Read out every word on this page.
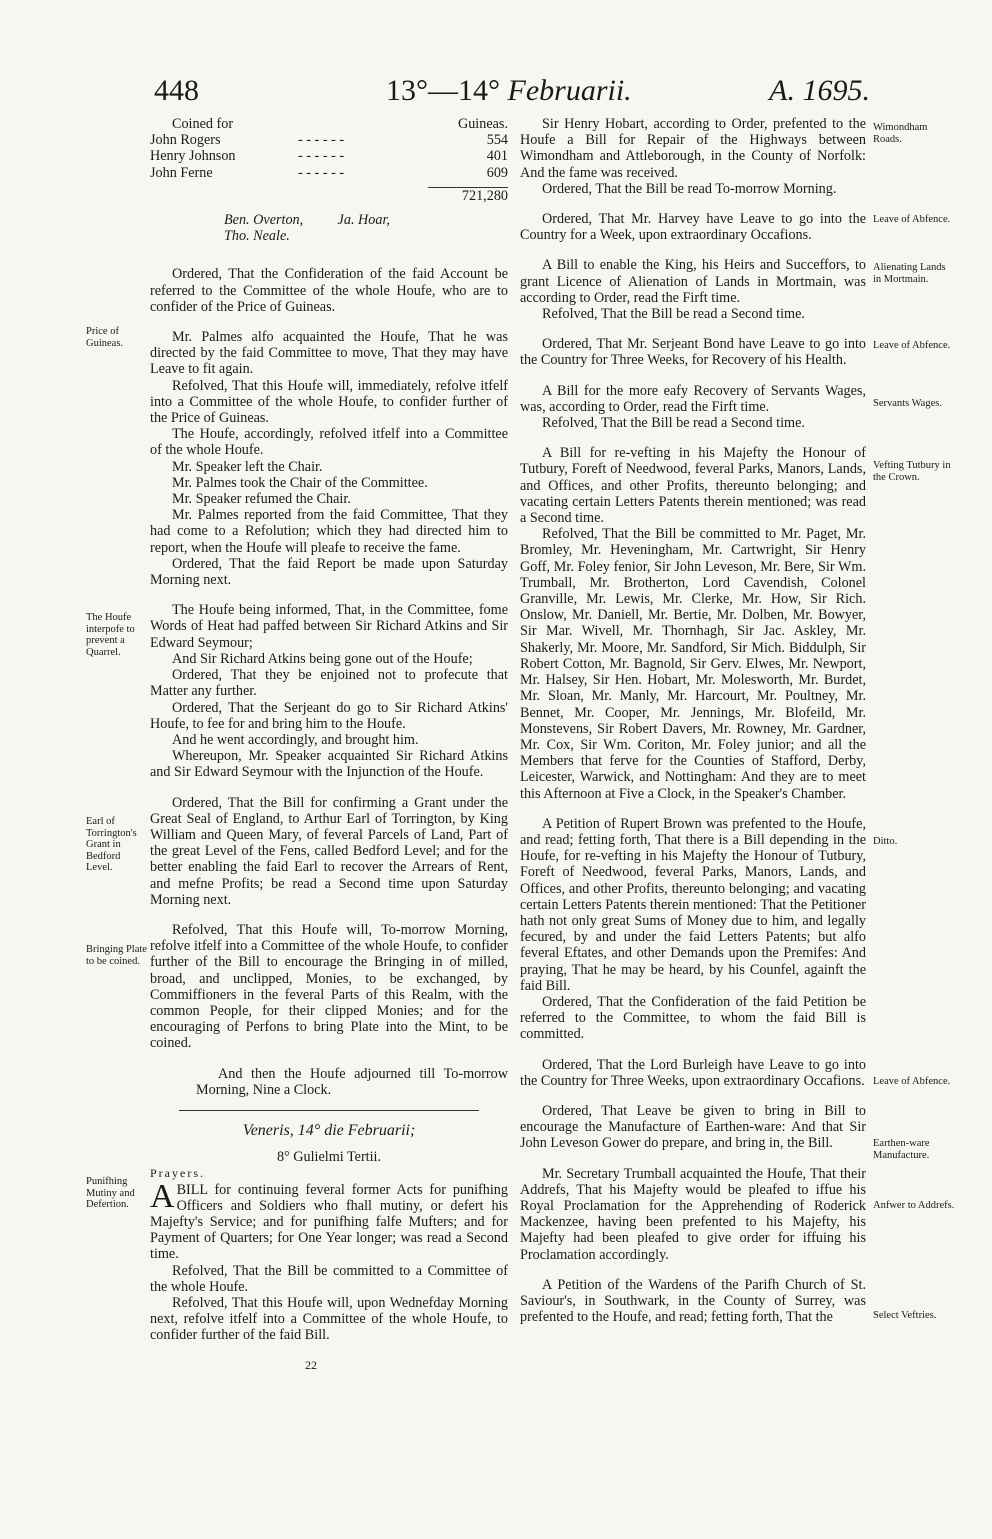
448	13°—14° Februarii.	A. 1695.
Coined for		Guineas.
John Rogers	- - - - - -	554
Henry Johnson	- - - - - -	401
John Ferne	- - - - - -	609
721,280
Ben. Overton, Ja. Hoar,
Tho. Neale.

Ordered, That the Confideration of the faid Account be referred to the Committee of the whole Houfe, who are to confider of the Price of Guineas.

Mr. Palmes alfo acquainted the Houfe, That he was directed by the faid Committee to move, That they may have Leave to fit again.

Refolved, That this Houfe will, immediately, refolve itfelf into a Committee of the whole Houfe, to confider further of the Price of Guineas.

The Houfe, accordingly, refolved itfelf into a Committee of the whole Houfe.

Mr. Speaker left the Chair.

Mr. Palmes took the Chair of the Committee.

Mr. Speaker refumed the Chair.

Mr. Palmes reported from the faid Committee, That they had come to a Refolution; which they had directed him to report, when the Houfe will pleafe to receive the fame.

Ordered, That the faid Report be made upon Saturday Morning next.

The Houfe being informed, That, in the Committee, fome Words of Heat had paffed between Sir Richard Atkins and Sir Edward Seymour;

And Sir Richard Atkins being gone out of the Houfe;

Ordered, That they be enjoined not to profecute that Matter any further.

Ordered, That the Serjeant do go to Sir Richard Atkins' Houfe, to fee for and bring him to the Houfe.

And he went accordingly, and brought him.

Whereupon, Mr. Speaker acquainted Sir Richard Atkins and Sir Edward Seymour with the Injunction of the Houfe.

Ordered, That the Bill for confirming a Grant under the Great Seal of England, to Arthur Earl of Torrington, by King William and Queen Mary, of feveral Parcels of Land, Part of the great Level of the Fens, called Bedford Level; and for the better enabling the faid Earl to recover the Arrears of Rent, and mefne Profits; be read a Second time upon Saturday Morning next.

Refolved, That this Houfe will, To-morrow Morning, refolve itfelf into a Committee of the whole Houfe, to confider further of the Bill to encourage the Bringing in of milled, broad, and unclipped, Monies, to be exchanged, by Commiffioners in the feveral Parts of this Realm, with the common People, for their clipped Monies; and for the encouraging of Perfons to bring Plate into the Mint, to be coined.

And then the Houfe adjourned till To-morrow Morning, Nine a Clock.

Veneris, 14° die Februarii;
8° Gulielmi Tertii.

Prayers.

ABILL for continuing feveral former Acts for punifhing Officers and Soldiers who fhall mutiny, or defert his Majefty's Service; and for punifhing falfe Mufters; and for Payment of Quarters; for One Year longer; was read a Second time.

Refolved, That the Bill be committed to a Committee of the whole Houfe.

Refolved, That this Houfe will, upon Wednefday Morning next, refolve itfelf into a Committee of the whole Houfe, to confider further of the faid Bill.

22
Price of Guineas.
The Houfe interpofe to prevent a Quarrel.
Earl of Torrington's Grant in Bedford Level.
Bringing Plate to be coined.
Punifhing Mutiny and Defertion.

Sir Henry Hobart, according to Order, prefented to the Houfe a Bill for Repair of the Highways between Wimondham and Attleborough, in the County of Norfolk: And the fame was received.

Ordered, That the Bill be read To-morrow Morning.

Ordered, That Mr. Harvey have Leave to go into the Country for a Week, upon extraordinary Occafions.

A Bill to enable the King, his Heirs and Succeffors, to grant Licence of Alienation of Lands in Mortmain, was according to Order, read the Firft time.

Refolved, That the Bill be read a Second time.

Ordered, That Mr. Serjeant Bond have Leave to go into the Country for Three Weeks, for Recovery of his Health.

A Bill for the more eafy Recovery of Servants Wages, was, according to Order, read the Firft time.

Refolved, That the Bill be read a Second time.

A Bill for re-vefting in his Majefty the Honour of Tutbury, Foreft of Needwood, feveral Parks, Manors, Lands, and Offices, and other Profits, thereunto belonging; and vacating certain Letters Patents therein mentioned; was read a Second time.

Refolved, That the Bill be committed to Mr. Paget, Mr. Bromley, Mr. Heveningham, Mr. Cartwright, Sir Henry Goff, Mr. Foley fenior, Sir John Leveson, Mr. Bere, Sir Wm. Trumball, Mr. Brotherton, Lord Cavendish, Colonel Granville, Mr. Lewis, Mr. Clerke, Mr. How, Sir Rich. Onslow, Mr. Daniell, Mr. Bertie, Mr. Dolben, Mr. Bowyer, Sir Mar. Wivell, Mr. Thornhagh, Sir Jac. Askley, Mr. Shakerly, Mr. Moore, Mr. Sandford, Sir Mich. Biddulph, Sir Robert Cotton, Mr. Bagnold, Sir Gerv. Elwes, Mr. Newport, Mr. Halsey, Sir Hen. Hobart, Mr. Molesworth, Mr. Burdet, Mr. Sloan, Mr. Manly, Mr. Harcourt, Mr. Poultney, Mr. Bennet, Mr. Cooper, Mr. Jennings, Mr. Blofeild, Mr. Monstevens, Sir Robert Davers, Mr. Rowney, Mr. Gardner, Mr. Cox, Sir Wm. Coriton, Mr. Foley junior; and all the Members that ferve for the Counties of Stafford, Derby, Leicester, Warwick, and Nottingham: And they are to meet this Afternoon at Five a Clock, in the Speaker's Chamber.

A Petition of Rupert Brown was prefented to the Houfe, and read; fetting forth, That there is a Bill depending in the Houfe, for re-vefting in his Majefty the Honour of Tutbury, Foreft of Needwood, feveral Parks, Manors, Lands, and Offices, and other Profits, thereunto belonging; and vacating certain Letters Patents therein mentioned: That the Petitioner hath not only great Sums of Money due to him, and legally fecured, by and under the faid Letters Patents; but alfo feveral Eftates, and other Demands upon the Premifes: And praying, That he may be heard, by his Counfel, againft the faid Bill.

Ordered, That the Confideration of the faid Petition be referred to the Committee, to whom the faid Bill is committed.

Ordered, That the Lord Burleigh have Leave to go into the Country for Three Weeks, upon extraordinary Occafions.

Ordered, That Leave be given to bring in Bill to encourage the Manufacture of Earthen-ware: And that Sir John Leveson Gower do prepare, and bring in, the Bill.

Mr. Secretary Trumball acquainted the Houfe, That their Addrefs, That his Majefty would be pleafed to iffue his Royal Proclamation for the Apprehending of Roderick Mackenzee, having been prefented to his Majefty, his Majefty had been pleafed to give order for iffuing his Proclamation accordingly.

A Petition of the Wardens of the Parifh Church of St. Saviour's, in Southwark, in the County of Surrey, was prefented to the Houfe, and read; fetting forth, That the

Wimondham Roads.
Leave of Abfence.
Alienating Lands in Mortmain.
Leave of Abfence.
Servants Wages.
Vefting Tutbury in the Crown.
Ditto.
Leave of Abfence.
Earthen-ware Manufacture.
Anfwer to Addrefs.
Select Veftries.
